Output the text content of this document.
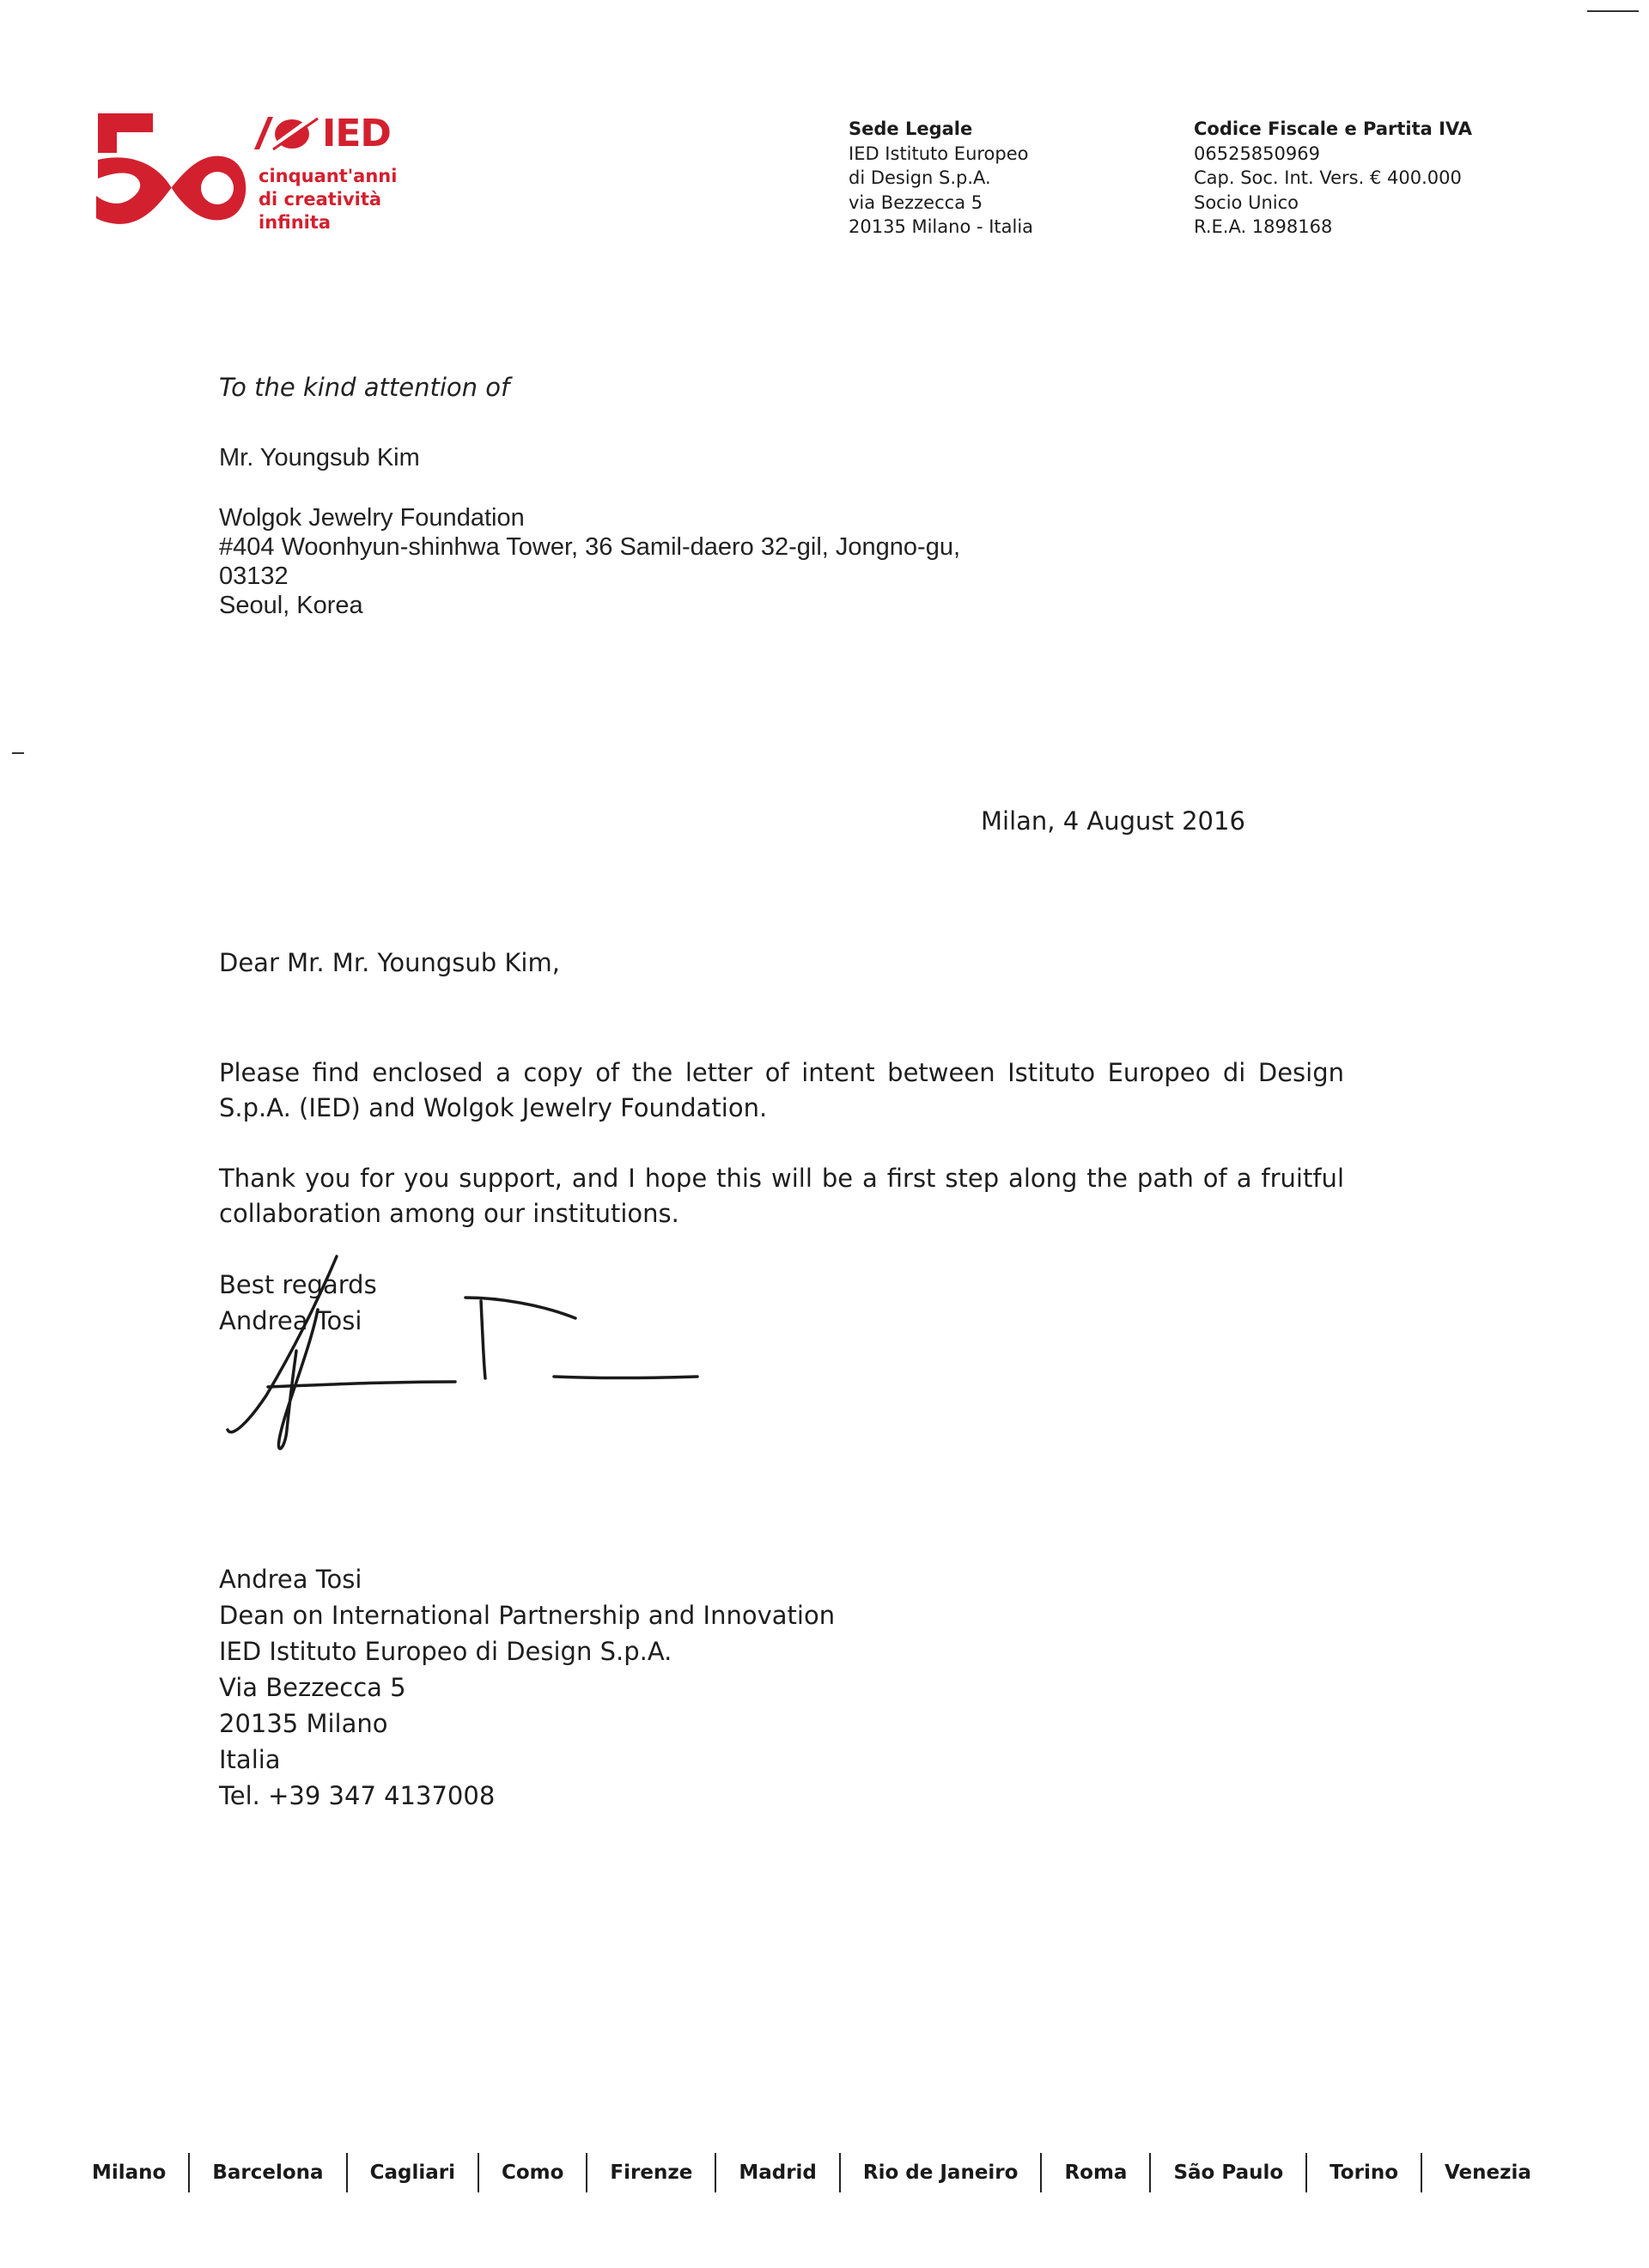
IED
cinquant'anni
di creatività
infinita
Sede Legale
IED Istituto Europeo
di Design S.p.A.
via Bezzecca 5
20135 Milano - Italia
Codice Fiscale e Partita IVA
06525850969
Cap. Soc. Int. Vers. € 400.000
Socio Unico
R.E.A. 1898168
To the kind attention of
Mr. Youngsub Kim
Wolgok Jewelry Foundation
#404 Woonhyun-shinhwa Tower, 36 Samil-daero 32-gil, Jongno-gu,
03132
Seoul, Korea
Milan, 4 August 2016
Dear Mr. Mr. Youngsub Kim,
Please find enclosed a copy of the letter of intent between Istituto Europeo di Design S.p.A. (IED) and Wolgok Jewelry Foundation.
Thank you for you support, and I hope this will be a first step along the path of a fruitful collaboration among our institutions.
Best regards
Andrea Tosi
Andrea Tosi
Dean on International Partnership and Innovation
IED Istituto Europeo di Design S.p.A.
Via Bezzecca 5
20135 Milano
Italia
Tel. +39 347 4137008
Milano	Barcelona	Cagliari	Como	Firenze	Madrid	Rio de Janeiro	Roma	São Paulo	Torino	Venezia
